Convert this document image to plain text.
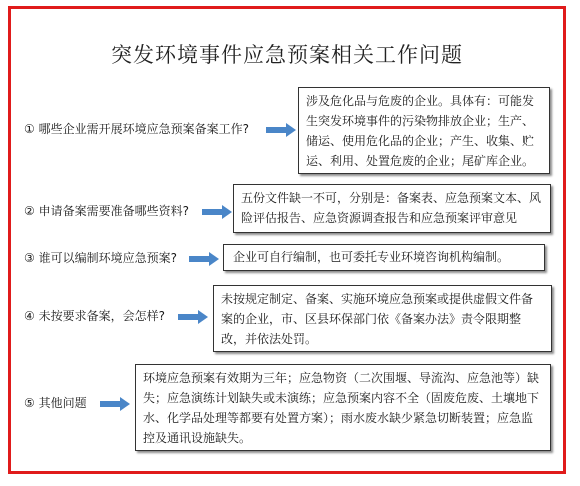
突发环境事件应急预案相关工作问题
① 哪些企业需开展环境应急预案备案工作?
涉及危化品与危废的企业。具体有：可能发生突发环境事件的污染物排放企业；生产、储运、使用危化品的企业；产生、收集、贮运、利用、处置危废的企业；尾矿库企业。
② 申请备案需要准备哪些资料?
五份文件缺一不可，分别是：备案表、应急预案文本、风险评估报告、应急资源调查报告和应急预案评审意见
③ 谁可以编制环境应急预案?	企业可自行编制，也可委托专业环境咨询机构编制。
④ 未按要求备案，会怎样?
未按规定制定、备案、实施环境应急预案或提供虚假文件备案的企业，市、区县环保部门依《备案办法》责令限期整改，并依法处罚。
⑤ 其他问题
环境应急预案有效期为三年；应急物资（二次围堰、导流沟、应急池等）缺失；应急演练计划缺失或未演练；应急预案内容不全（固废危废、土壤地下水、化学品处理等都要有处置方案）；雨水废水缺少紧急切断装置；应急监控及通讯设施缺失。
